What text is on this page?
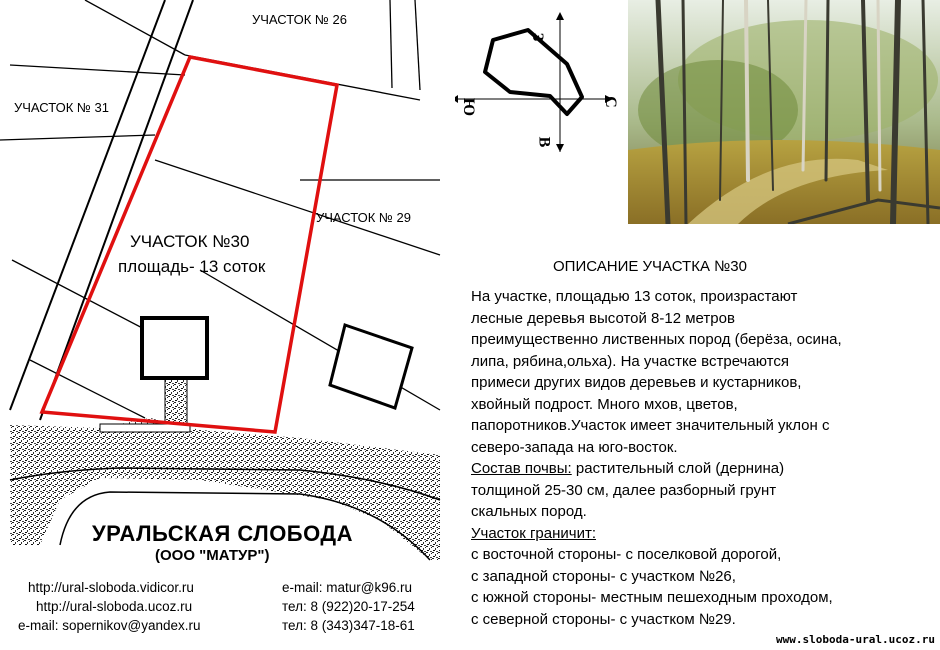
УЧАСТОК № 26
УЧАСТОК № 31
УЧАСТОК № 29
УЧАСТОК №30
площадь- 13 соток
УРАЛЬСКАЯ СЛОБОДА
(ООО "МАТУР")
http://ural-sloboda.vidicor.ru
http://ural-sloboda.ucoz.ru
e-mail: sopernikov@yandex.ru
e-mail: matur@k96.ru
тел: 8 (922)20-17-254
тел: 8 (343)347-18-61
З
С
Ю
В
ОПИСАНИЕ УЧАСТКА №30
На участке, площадью 13 соток, произрастают
лесные деревья высотой 8-12 метров
преимущественно лиственных пород (берёза, осина,
липа, рябина,ольха). На участке встречаются
примеси других видов деревьев и кустарников,
хвойный подрост. Много мхов, цветов,
папоротников.Участок имеет значительный уклон с
северо-запада на юго-восток.
Состав почвы: растительный слой (дернина)
толщиной 25-30 см, далее разборный грунт
скальных пород.
Участок граничит:
с восточной стороны- с поселковой дорогой,
с западной стороны- с участком №26,
с южной стороны- местным пешеходным проходом,
с северной стороны- с участком №29.
www.sloboda-ural.ucoz.ru
